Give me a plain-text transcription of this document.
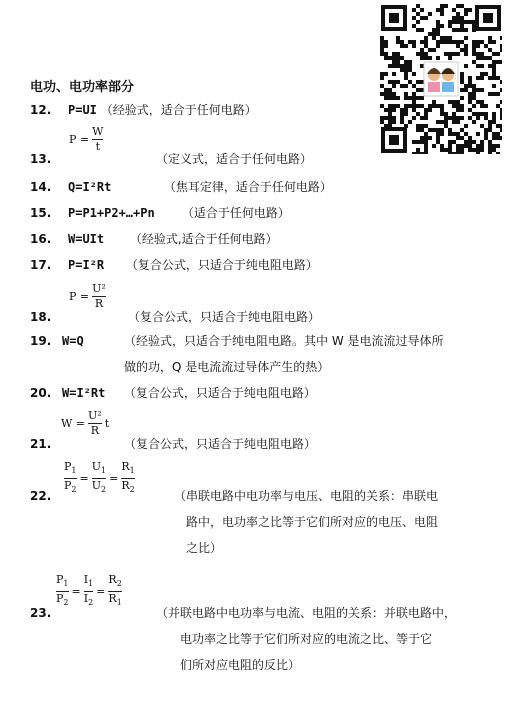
电功、电功率部分
12. P=UI （经验式，适合于任何电路）
$P = \frac{W}{t}$
13.	（定义式，适合于任何电路）
14. Q=I²Rt	（焦耳定律，适合于任何电路）
15. P=P1+P2+…+Pn （适合于任何电路）
16. W=UIt （经验式,适合于任何电路）
17. P=I²R （复合公式，只适合于纯电阻电路）
$P = \frac{\text{U²}}{R}$
18.	（复合公式，只适合于纯电阻电路）
19. W=Q	（经验式，只适合于纯电阻电路。其中 W 是电流流过导体所
做的功，Q 是电流流过导体产生的热）
20. W=I²Rt （复合公式，只适合于纯电阻电路）
$W = \frac{\text{U²}}{R}$ t
21.	（复合公式，只适合于纯电阻电路）
$\frac{P_1}{P_2} = \frac{U_1}{U_2} = \frac{R_1}{R_2}$
22.	（串联电路中电功率与电压、电阻的关系：串联电
路中，电功率之比等于它们所对应的电压、电阻
之比）
$\frac{P_1}{P_2} = \frac{I_1}{I_2} = \frac{R_2}{R_1}$
23.	（并联电路中电功率与电流、电阻的关系：并联电路中，
电功率之比等于它们所对应的电流之比、等于它
们所对应电阻的反比）
